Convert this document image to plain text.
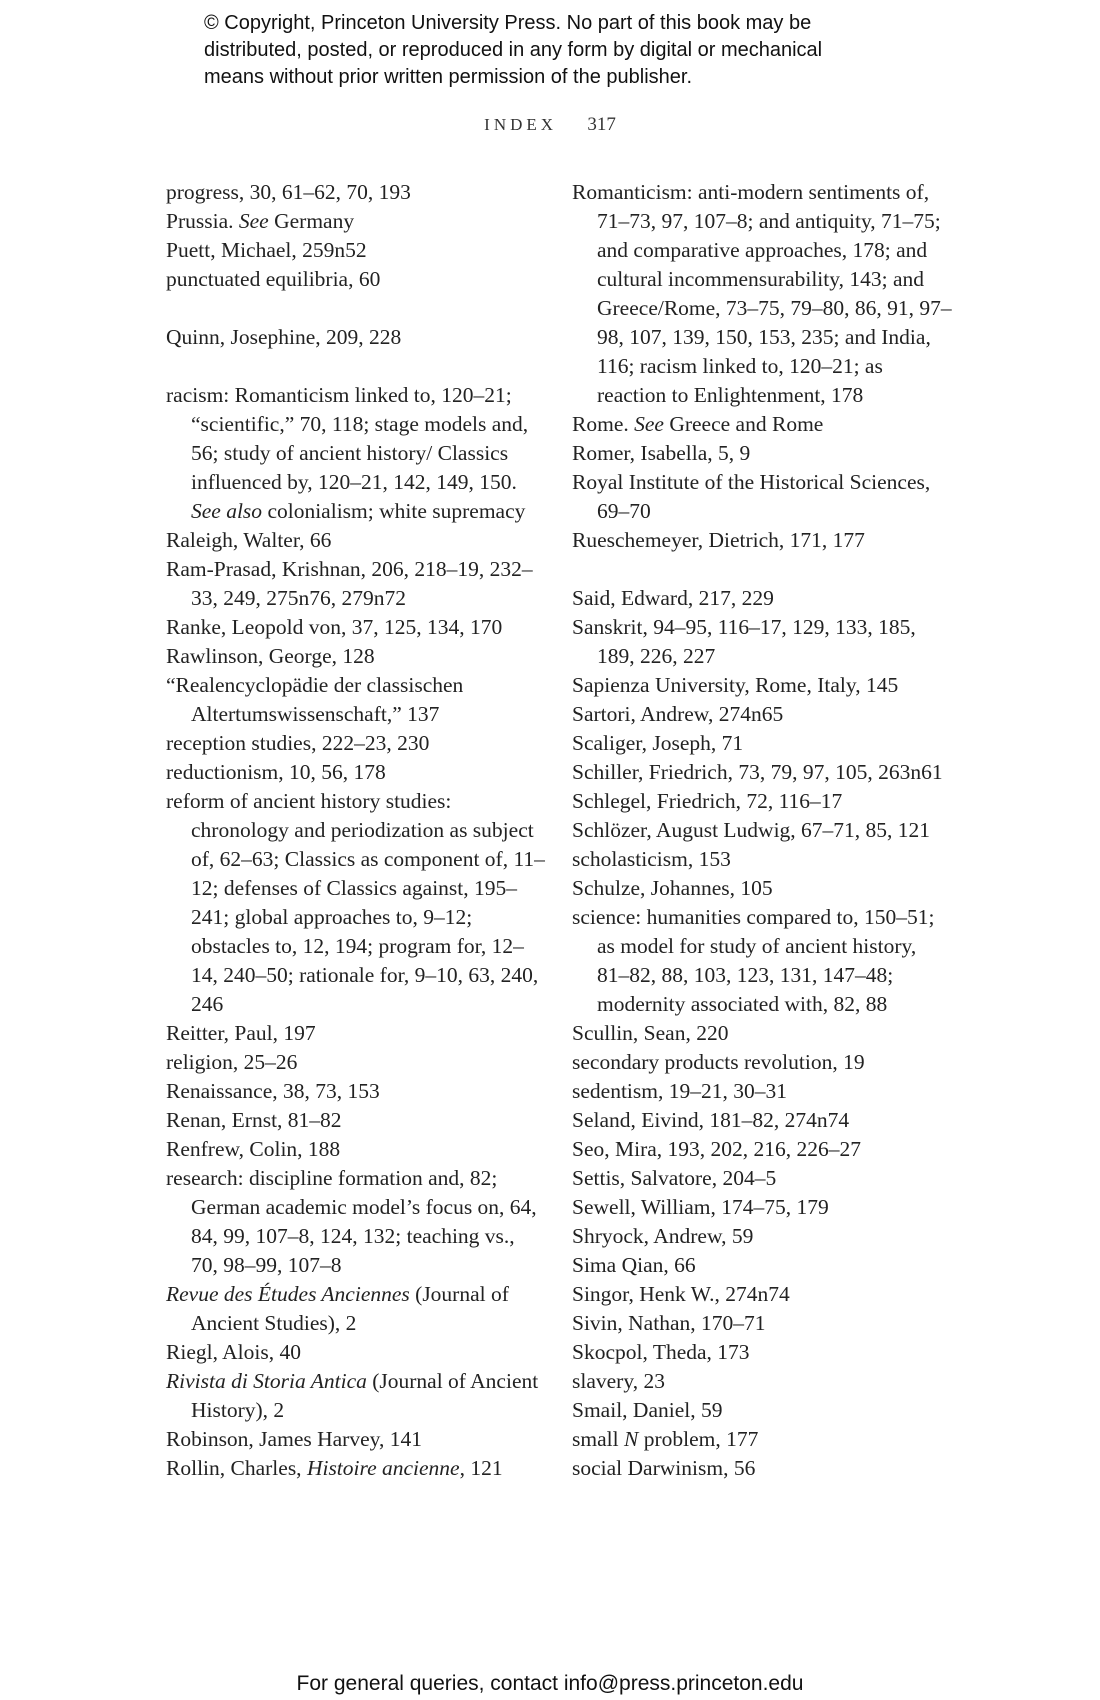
© Copyright, Princeton University Press. No part of this book may be
distributed, posted, or reproduced in any form by digital or mechanical
means without prior written permission of the publisher.
INDEX 317

progress, 30, 61–62, 70, 193

Prussia. See Germany

Puett, Michael, 259n52

punctuated equilibria, 60

Quinn, Josephine, 209, 228

racism: Romanticism linked to, 120–21; “scientific,” 70, 118; stage models and, 56; study of ancient history/ Classics influenced by, 120–21, 142, 149, 150. See also colonialism; white supremacy

Raleigh, Walter, 66

Ram-Prasad, Krishnan, 206, 218–19, 232–33, 249, 275n76, 279n72

Ranke, Leopold von, 37, 125, 134, 170

Rawlinson, George, 128

“Realencyclopädie der classischen Altertumswissenschaft,” 137

reception studies, 222–23, 230

reductionism, 10, 56, 178

reform of ancient history studies: chronology and periodization as subject of, 62–63; Classics as component of, 11–12; defenses of Classics against, 195–241; global approaches to, 9–12; obstacles to, 12, 194; program for, 12–14, 240–50; rationale for, 9–10, 63, 240, 246

Reitter, Paul, 197

religion, 25–26

Renaissance, 38, 73, 153

Renan, Ernst, 81–82

Renfrew, Colin, 188

research: discipline formation and, 82; German academic model’s focus on, 64, 84, 99, 107–8, 124, 132; teaching vs., 70, 98–99, 107–8

Revue des Études Anciennes (Journal of Ancient Studies), 2

Riegl, Alois, 40

Rivista di Storia Antica (Journal of Ancient History), 2

Robinson, James Harvey, 141

Rollin, Charles, Histoire ancienne, 121

Romanticism: anti-modern sentiments of, 71–73, 97, 107–8; and antiquity, 71–75; and comparative approaches, 178; and cultural incommensurability, 143; and Greece/Rome, 73–75, 79–80, 86, 91, 97–98, 107, 139, 150, 153, 235; and India, 116; racism linked to, 120–21; as reaction to Enlightenment, 178

Rome. See Greece and Rome

Romer, Isabella, 5, 9

Royal Institute of the Historical Sciences, 69–70

Rueschemeyer, Dietrich, 171, 177

Said, Edward, 217, 229

Sanskrit, 94–95, 116–17, 129, 133, 185, 189, 226, 227

Sapienza University, Rome, Italy, 145

Sartori, Andrew, 274n65

Scaliger, Joseph, 71

Schiller, Friedrich, 73, 79, 97, 105, 263n61

Schlegel, Friedrich, 72, 116–17

Schlözer, August Ludwig, 67–71, 85, 121

scholasticism, 153

Schulze, Johannes, 105

science: humanities compared to, 150–51; as model for study of ancient history, 81–82, 88, 103, 123, 131, 147–48; modernity associated with, 82, 88

Scullin, Sean, 220

secondary products revolution, 19

sedentism, 19–21, 30–31

Seland, Eivind, 181–82, 274n74

Seo, Mira, 193, 202, 216, 226–27

Settis, Salvatore, 204–5

Sewell, William, 174–75, 179

Shryock, Andrew, 59

Sima Qian, 66

Singor, Henk W., 274n74

Sivin, Nathan, 170–71

Skocpol, Theda, 173

slavery, 23

Smail, Daniel, 59

small N problem, 177

social Darwinism, 56

For general queries, contact info@press.princeton.edu
